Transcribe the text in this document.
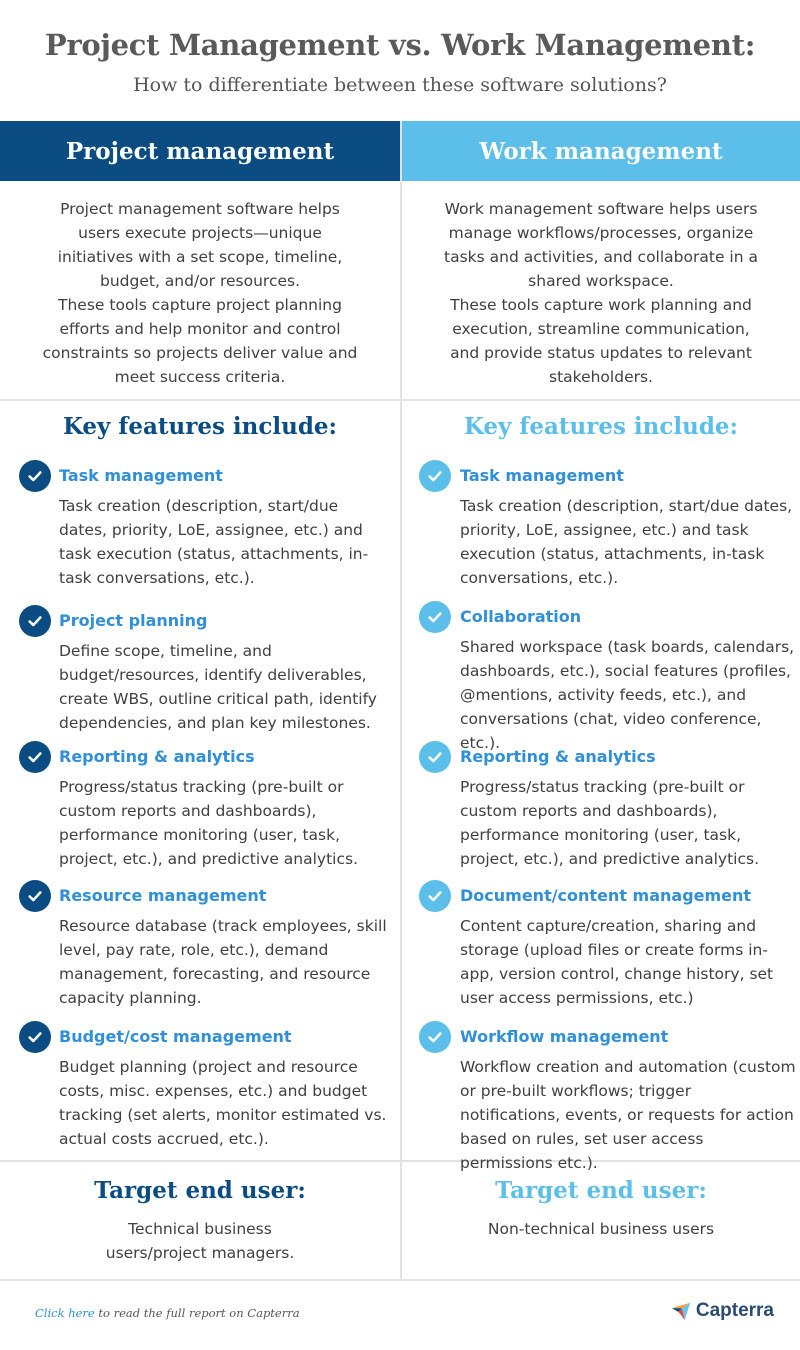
Project Management vs. Work Management:
How to differentiate between these software solutions?
Project management
Project management software helps users execute projects—unique initiatives with a set scope, timeline, budget, and/or resources.
These tools capture project planning efforts and help monitor and control constraints so projects deliver value and meet success criteria.
Key features include:
Task management
Task creation (description, start/due dates, priority, LoE, assignee, etc.) and task execution (status, attachments, in-task conversations, etc.).
Project planning
Define scope, timeline, and budget/resources, identify deliverables, create WBS, outline critical path, identify dependencies, and plan key milestones.
Reporting & analytics
Progress/status tracking (pre-built or custom reports and dashboards), performance monitoring (user, task, project, etc.), and predictive analytics.
Resource management
Resource database (track employees, skill level, pay rate, role, etc.), demand management, forecasting, and resource capacity planning.
Budget/cost management
Budget planning (project and resource costs, misc. expenses, etc.) and budget tracking (set alerts, monitor estimated vs. actual costs accrued, etc.).
Target end user:
Technical business users/project managers.
Work management
Work management software helps users manage workflows/processes, organize tasks and activities, and collaborate in a shared workspace.
These tools capture work planning and execution, streamline communication, and provide status updates to relevant stakeholders.
Key features include:
Task management
Task creation (description, start/due dates, priority, LoE, assignee, etc.) and task execution (status, attachments, in-task conversations, etc.).
Collaboration
Shared workspace (task boards, calendars, dashboards, etc.), social features (profiles, @mentions, activity feeds, etc.), and conversations (chat, video conference, etc.).
Reporting & analytics
Progress/status tracking (pre-built or custom reports and dashboards), performance monitoring (user, task, project, etc.), and predictive analytics.
Document/content management
Content capture/creation, sharing and storage (upload files or create forms in-app, version control, change history, set user access permissions, etc.)
Workflow management
Workflow creation and automation (custom or pre-built workflows; trigger notifications, events, or requests for action based on rules, set user access permissions etc.).
Target end user:
Non-technical business users
Click here to read the full report on Capterra	Capterra
